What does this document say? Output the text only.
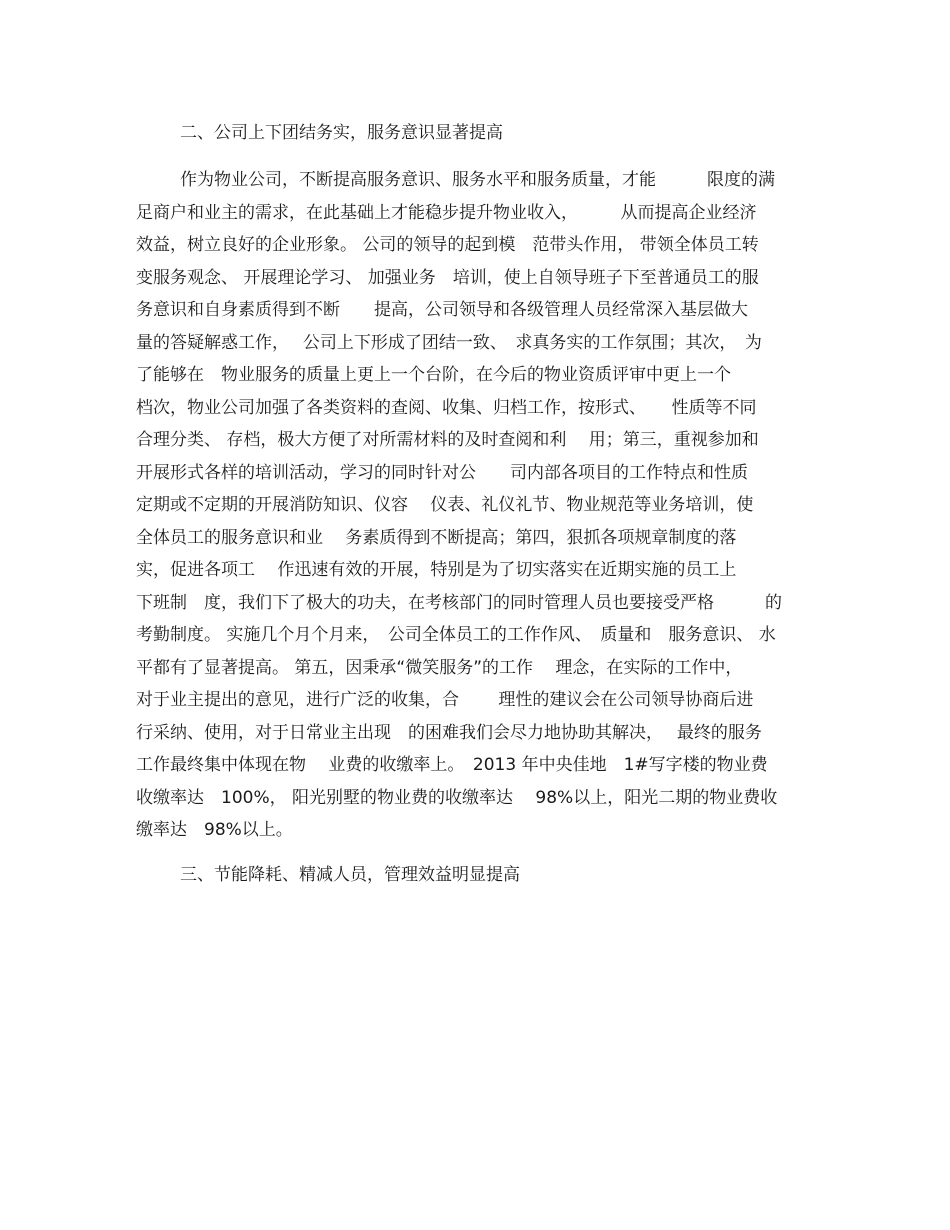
二、公司上下团结务实，服务意识显著提高
作为物业公司，不断提高服务意识、服务水平和服务质量，才能　　　限度的满
足商户和业主的需求，在此基础上才能稳步提升物业收入，　　　从而提高企业经济
效益，树立良好的企业形象。 公司的领导的起到模　范带头作用， 带领全体员工转
变服务观念、 开展理论学习、 加强业务　培训，使上自领导班子下至普通员工的服
务意识和自身素质得到不断　　提高，公司领导和各级管理人员经常深入基层做大
量的答疑解惑工作，　 公司上下形成了团结一致、　求真务实的工作氛围；其次，　为
了能够在　物业服务的质量上更上一个台阶，在今后的物业资质评审中更上一个
档次，物业公司加强了各类资料的查阅、收集、归档工作，按形式、　　性质等不同
合理分类、 存档，极大方便了对所需材料的及时查阅和利　 用；第三，重视参加和
开展形式各样的培训活动，学习的同时针对公　　司内部各项目的工作特点和性质
定期或不定期的开展消防知识、仪容　 仪表、礼仪礼节、物业规范等业务培训，使
全体员工的服务意识和业　 务素质得到不断提高；第四，狠抓各项规章制度的落
实，促进各项工　 作迅速有效的开展，特别是为了切实落实在近期实施的员工上
下班制　度，我们下了极大的功夫，在考核部门的同时管理人员也要接受严格　　　的
考勤制度。 实施几个月个月来，　公司全体员工的工作作风、　质量和　服务意识、 水
平都有了显著提高。 第五，因秉承“微笑服务”的工作　 理念，在实际的工作中，
对于业主提出的意见，进行广泛的收集，合　　 理性的建议会在公司领导协商后进
行采纳、使用，对于日常业主出现　的困难我们会尽力地协助其解决，　 最终的服务
工作最终集中体现在物　 业费的收缴率上。　2013 年中央佳地　1#写字楼的物业费
收缴率达　100%， 阳光别墅的物业费的收缴率达　 98%以上，阳光二期的物业费收
缴率达　98%以上。
三、节能降耗、精减人员，管理效益明显提高
